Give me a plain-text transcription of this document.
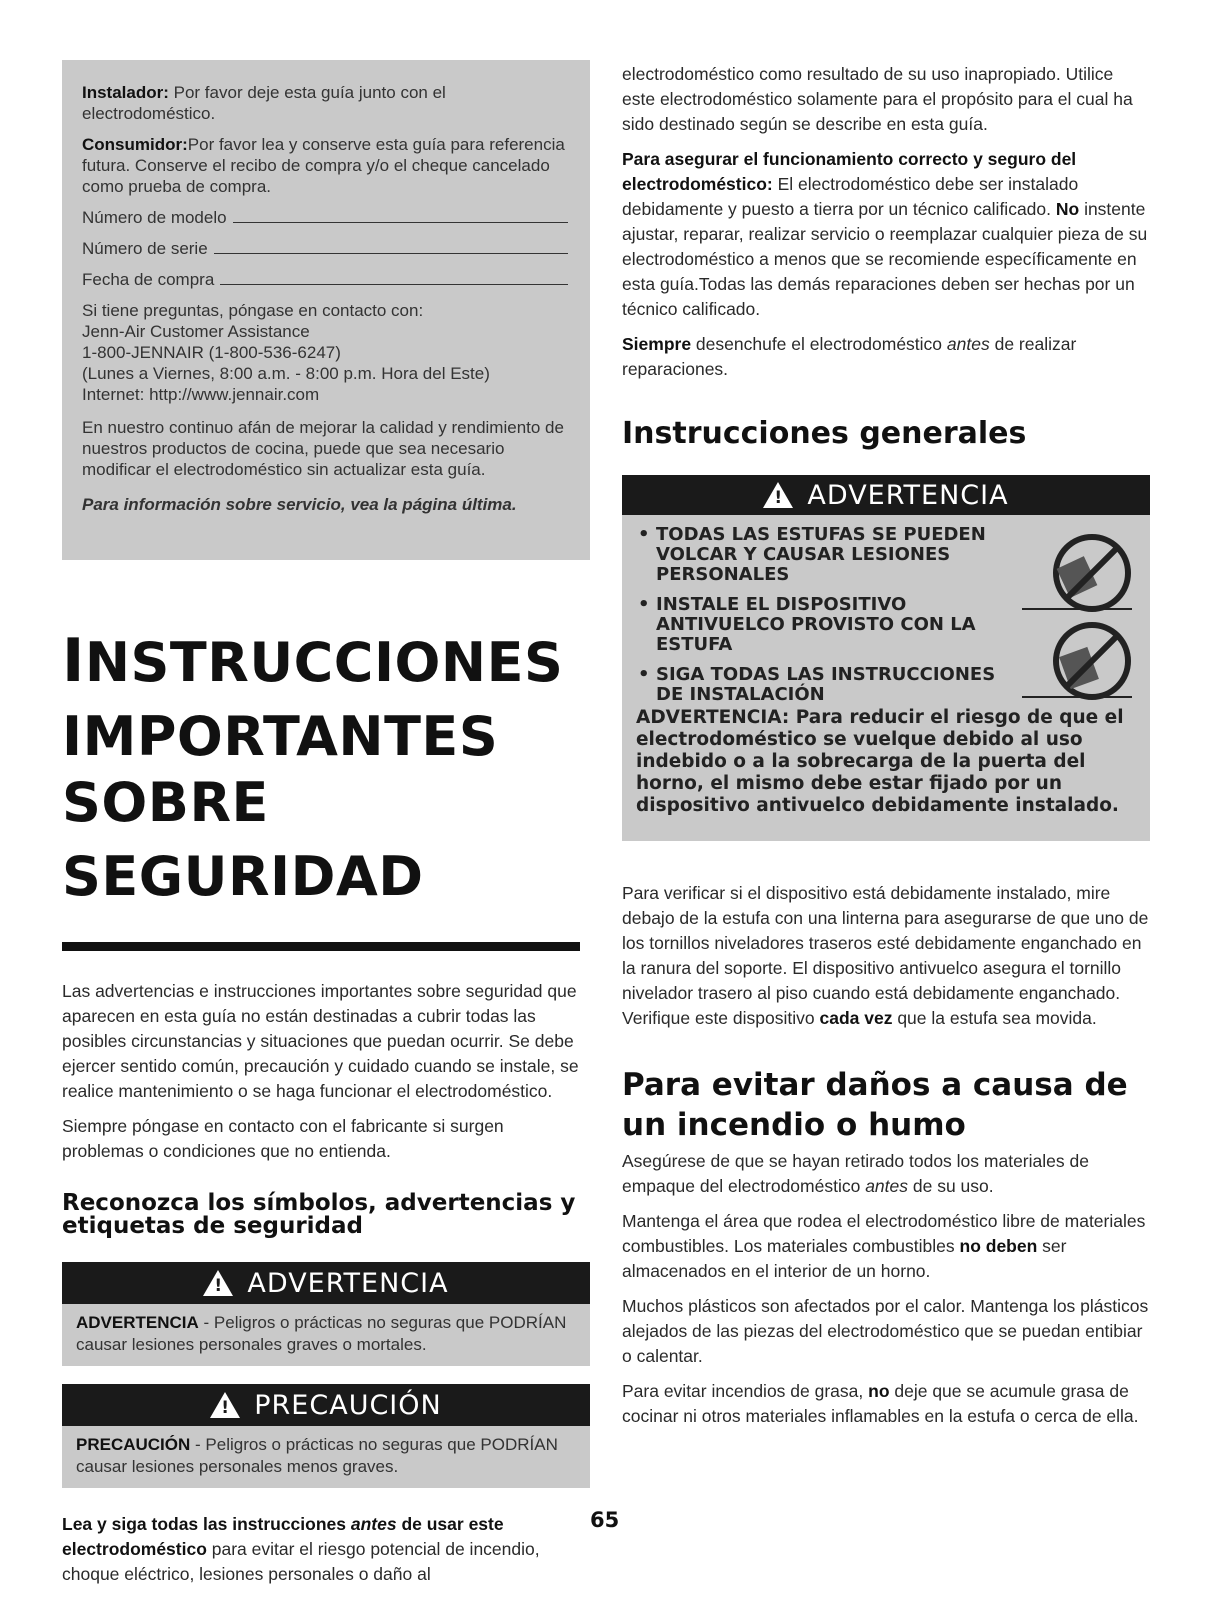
Instalador: Por favor deje esta guía junto con el electrodoméstico.

Consumidor:Por favor lea y conserve esta guía para referencia futura. Conserve el recibo de compra y/o el cheque cancelado como prueba de compra.

Número de modelo

Número de serie

Fecha de compra

Si tiene preguntas, póngase en contacto con:
Jenn-Air Customer Assistance
1-800-JENNAIR (1-800-536-6247)
(Lunes a Viernes, 8:00 a.m. - 8:00 p.m. Hora del Este)
Internet: http://www.jennair.com

En nuestro continuo afán de mejorar la calidad y rendimiento de nuestros productos de cocina, puede que sea necesario modificar el electrodoméstico sin actualizar esta guía.

Para información sobre servicio, vea la página última.

INSTRUCCIONES
IMPORTANTES SOBRE
SEGURIDAD

Las advertencias e instrucciones importantes sobre seguridad que aparecen en esta guía no están destinadas a cubrir todas las posibles circunstancias y situaciones que puedan ocurrir. Se debe ejercer sentido común, precaución y cuidado cuando se instale, se realice mantenimiento o se haga funcionar el electrodoméstico.

Siempre póngase en contacto con el fabricante si surgen problemas o condiciones que no entienda.

Reconozca los símbolos, advertencias y etiquetas de seguridad
! ADVERTENCIA
ADVERTENCIA - Peligros o prácticas no seguras que PODRÍAN causar lesiones personales graves o mortales.
! PRECAUCIÓN
PRECAUCIÓN - Peligros o prácticas no seguras que PODRÍAN causar lesiones personales menos graves.

Lea y siga todas las instrucciones antes de usar este electrodoméstico para evitar el riesgo potencial de incendio, choque eléctrico, lesiones personales o daño al

electrodoméstico como resultado de su uso inapropiado. Utilice este electrodoméstico solamente para el propósito para el cual ha sido destinado según se describe en esta guía.

Para asegurar el funcionamiento correcto y seguro del electrodoméstico: El electrodoméstico debe ser instalado debidamente y puesto a tierra por un técnico calificado. No instente ajustar, reparar, realizar servicio o reemplazar cualquier pieza de su electrodoméstico a menos que se recomiende específicamente en esta guía.Todas las demás reparaciones deben ser hechas por un técnico calificado.

Siempre desenchufe el electrodoméstico antes de realizar reparaciones.

Instrucciones generales
! ADVERTENCIA
• TODAS LAS ESTUFAS SE PUEDEN VOLCAR Y CAUSAR LESIONES PERSONALES
• INSTALE EL DISPOSITIVO ANTIVUELCO PROVISTO CON LA ESTUFA
• SIGA TODAS LAS INSTRUCCIONES DE INSTALACIÓN
ADVERTENCIA: Para reducir el riesgo de que el electrodoméstico se vuelque debido al uso indebido o a la sobrecarga de la puerta del horno, el mismo debe estar fijado por un dispositivo antivuelco debidamente instalado.

Para verificar si el dispositivo está debidamente instalado, mire debajo de la estufa con una linterna para asegurarse de que uno de los tornillos niveladores traseros esté debidamente enganchado en la ranura del soporte. El dispositivo antivuelco asegura el tornillo nivelador trasero al piso cuando está debidamente enganchado. Verifique este dispositivo cada vez que la estufa sea movida.

Para evitar daños a causa de un incendio o humo

Asegúrese de que se hayan retirado todos los materiales de empaque del electrodoméstico antes de su uso.

Mantenga el área que rodea el electrodoméstico libre de materiales combustibles. Los materiales combustibles no deben ser almacenados en el interior de un horno.

Muchos plásticos son afectados por el calor. Mantenga los plásticos alejados de las piezas del electrodoméstico que se puedan entibiar o calentar.

Para evitar incendios de grasa, no deje que se acumule grasa de cocinar ni otros materiales inflamables en la estufa o cerca de ella.

65
